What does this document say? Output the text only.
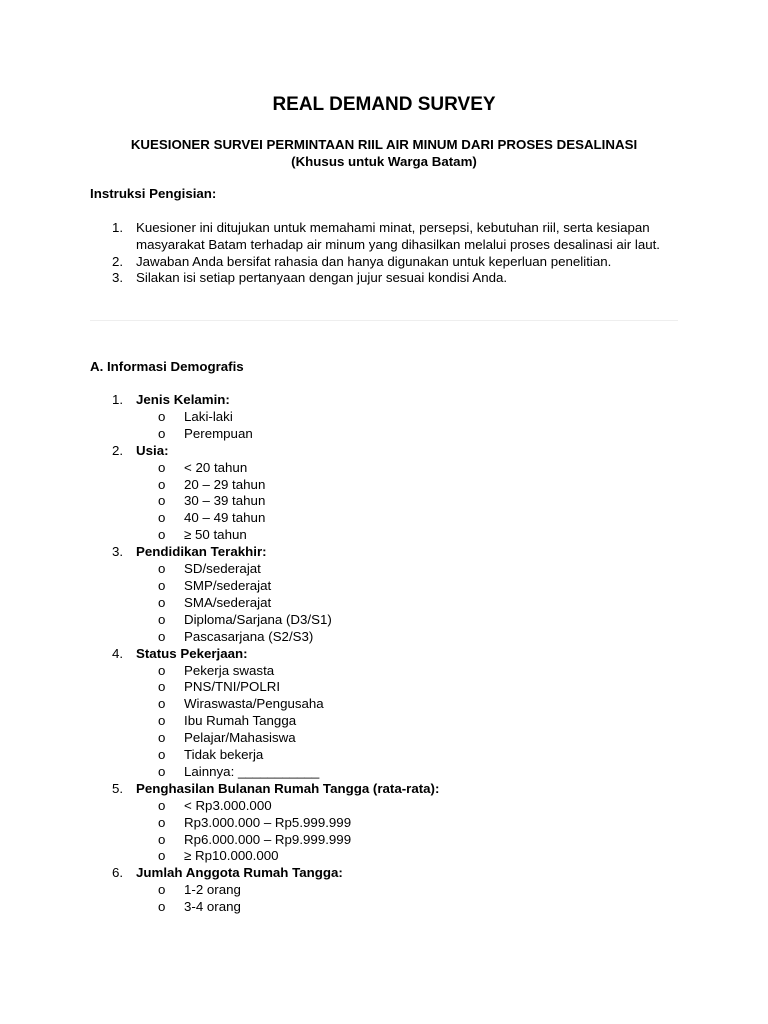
REAL DEMAND SURVEY
KUESIONER SURVEI PERMINTAAN RIIL AIR MINUM DARI PROSES DESALINASI
(Khusus untuk Warga Batam)
Instruksi Pengisian:
1. Kuesioner ini ditujukan untuk memahami minat, persepsi, kebutuhan riil, serta kesiapan masyarakat Batam terhadap air minum yang dihasilkan melalui proses desalinasi air laut.
2. Jawaban Anda bersifat rahasia dan hanya digunakan untuk keperluan penelitian.
3. Silakan isi setiap pertanyaan dengan jujur sesuai kondisi Anda.
A. Informasi Demografis
1. Jenis Kelamin:
o Laki-laki
o Perempuan
2. Usia:
o < 20 tahun
o 20 – 29 tahun
o 30 – 39 tahun
o 40 – 49 tahun
o ≥ 50 tahun
3. Pendidikan Terakhir:
o SD/sederajat
o SMP/sederajat
o SMA/sederajat
o Diploma/Sarjana (D3/S1)
o Pascasarjana (S2/S3)
4. Status Pekerjaan:
o Pekerja swasta
o PNS/TNI/POLRI
o Wiraswasta/Pengusaha
o Ibu Rumah Tangga
o Pelajar/Mahasiswa
o Tidak bekerja
o Lainnya: ___________
5. Penghasilan Bulanan Rumah Tangga (rata-rata):
o < Rp3.000.000
o Rp3.000.000 – Rp5.999.999
o Rp6.000.000 – Rp9.999.999
o ≥ Rp10.000.000
6. Jumlah Anggota Rumah Tangga:
o 1-2 orang
o 3-4 orang
